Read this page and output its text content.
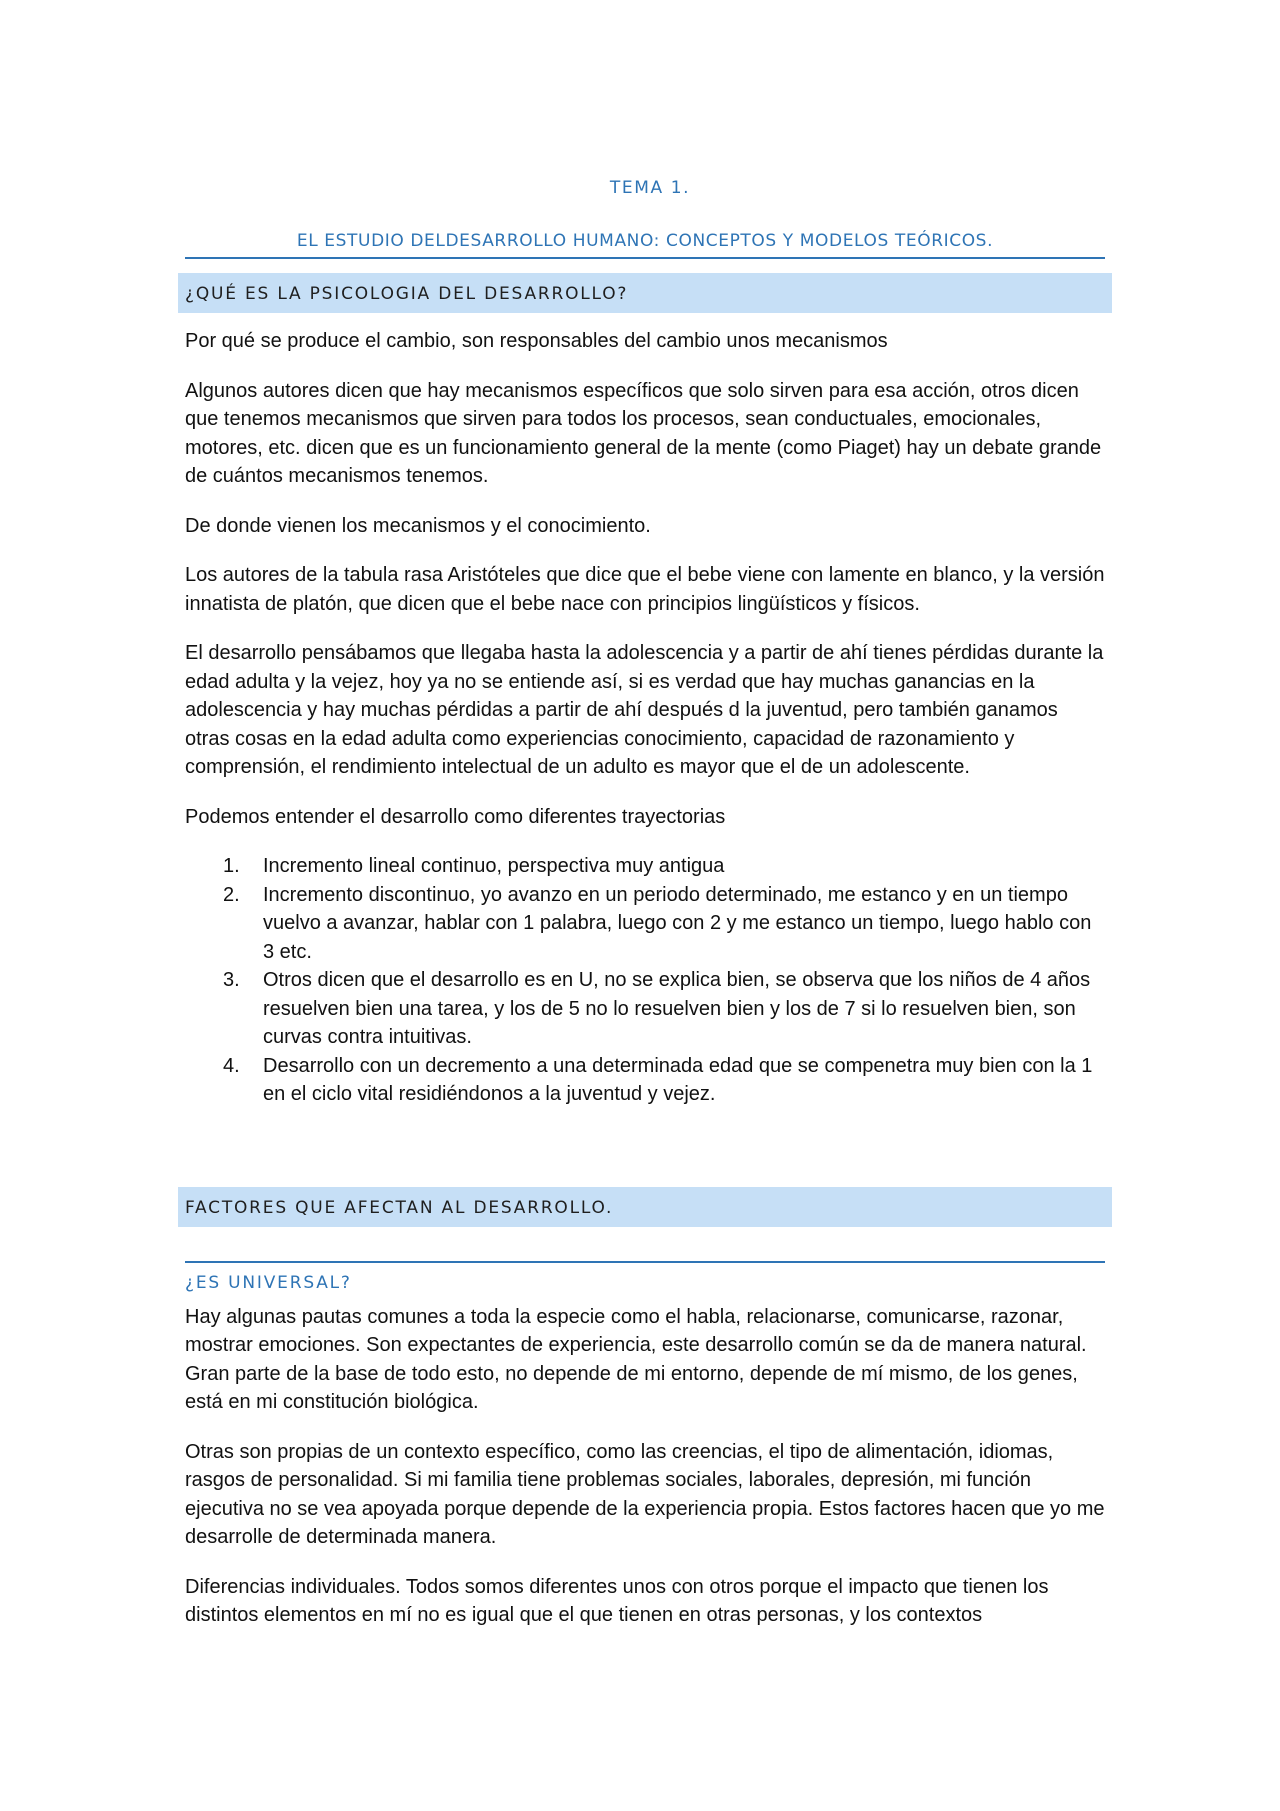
TEMA 1.
EL ESTUDIO DELDESARROLLO HUMANO: CONCEPTOS Y MODELOS TEÓRICOS.
¿QUÉ ES LA PSICOLOGIA DEL DESARROLLO?

Por qué se produce el cambio, son responsables del cambio unos mecanismos

Algunos autores dicen que hay mecanismos específicos que solo sirven para esa acción, otros dicen que tenemos mecanismos que sirven para todos los procesos, sean conductuales, emocionales, motores, etc. dicen que es un funcionamiento general de la mente (como Piaget) hay un debate grande de cuántos mecanismos tenemos.

De donde vienen los mecanismos y el conocimiento.

Los autores de la tabula rasa Aristóteles que dice que el bebe viene con lamente en blanco, y la versión innatista de platón, que dicen que el bebe nace con principios lingüísticos y físicos.

El desarrollo pensábamos que llegaba hasta la adolescencia y a partir de ahí tienes pérdidas durante la edad adulta y la vejez, hoy ya no se entiende así, si es verdad que hay muchas ganancias en la adolescencia y hay muchas pérdidas a partir de ahí después d la juventud, pero también ganamos otras cosas en la edad adulta como experiencias conocimiento, capacidad de razonamiento y comprensión, el rendimiento intelectual de un adulto es mayor que el de un adolescente.

Podemos entender el desarrollo como diferentes trayectorias

1. Incremento lineal continuo, perspectiva muy antigua
2. Incremento discontinuo, yo avanzo en un periodo determinado, me estanco y en un tiempo vuelvo a avanzar, hablar con 1 palabra, luego con 2 y me estanco un tiempo, luego hablo con 3 etc.
3. Otros dicen que el desarrollo es en U, no se explica bien, se observa que los niños de 4 años resuelven bien una tarea, y los de 5 no lo resuelven bien y los de 7 si lo resuelven bien, son curvas contra intuitivas.
4. Desarrollo con un decremento a una determinada edad que se compenetra muy bien con la 1 en el ciclo vital residiéndonos a la juventud y vejez.
FACTORES QUE AFECTAN AL DESARROLLO.
¿ES UNIVERSAL?

Hay algunas pautas comunes a toda la especie como el habla, relacionarse, comunicarse, razonar, mostrar emociones. Son expectantes de experiencia, este desarrollo común se da de manera natural. Gran parte de la base de todo esto, no depende de mi entorno, depende de mí mismo, de los genes, está en mi constitución biológica.

Otras son propias de un contexto específico, como las creencias, el tipo de alimentación, idiomas, rasgos de personalidad. Si mi familia tiene problemas sociales, laborales, depresión, mi función ejecutiva no se vea apoyada porque depende de la experiencia propia. Estos factores hacen que yo me desarrolle de determinada manera.

Diferencias individuales. Todos somos diferentes unos con otros porque el impacto que tienen los distintos elementos en mí no es igual que el que tienen en otras personas, y los contextos
